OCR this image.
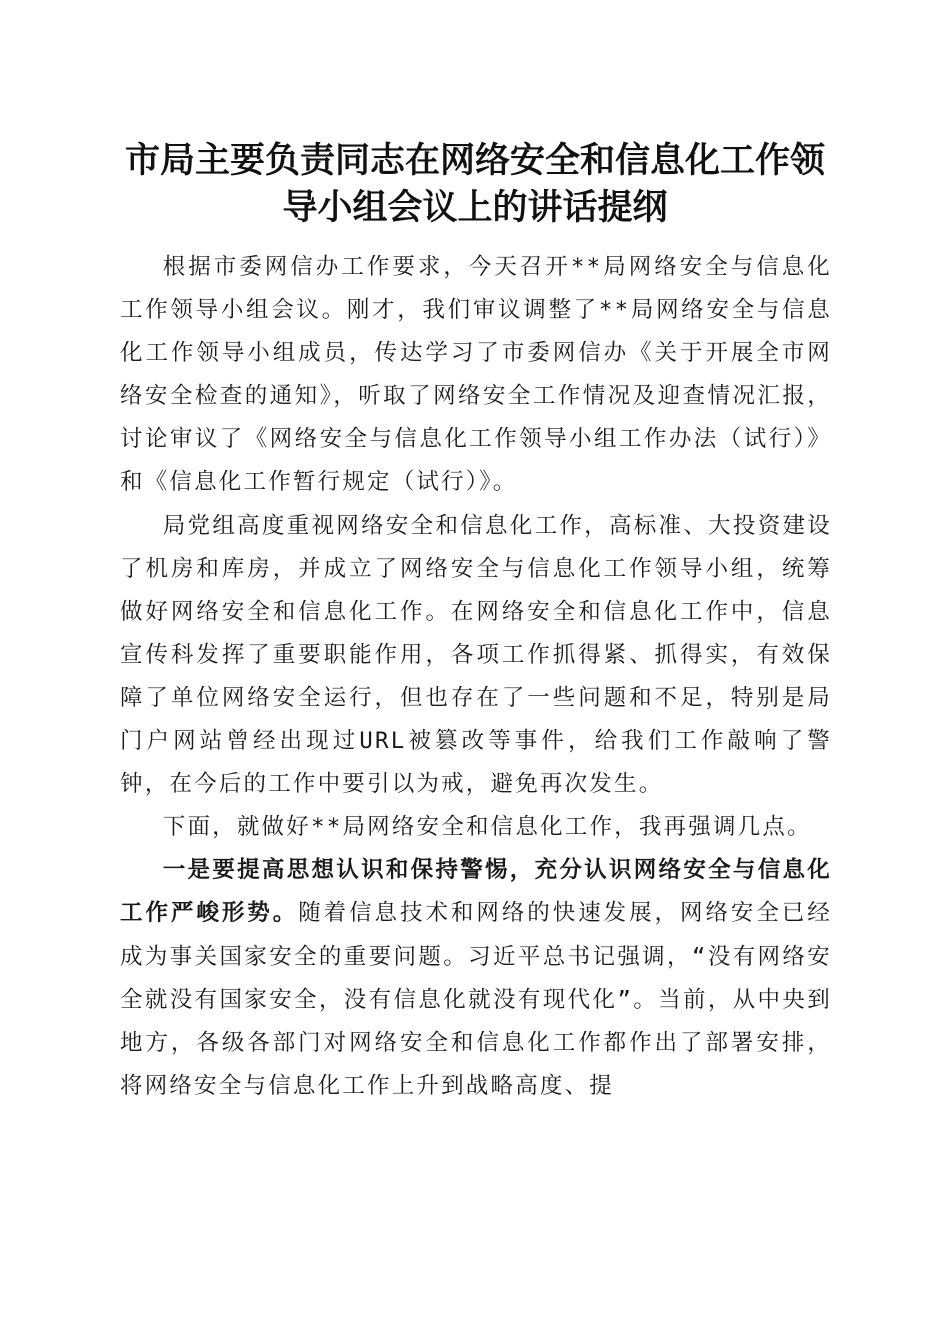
市局主要负责同志在网络安全和信息化工作领
导小组会议上的讲话提纲

根据市委网信办工作要求，今天召开**局网络安全与信息化工作领导小组会议。刚才，我们审议调整了**局网络安全与信息化工作领导小组成员，传达学习了市委网信办《关于开展全市网络安全检查的通知》，听取了网络安全工作情况及迎查情况汇报，讨论审议了《网络安全与信息化工作领导小组工作办法（试行）》和《信息化工作暂行规定（试行）》。

局党组高度重视网络安全和信息化工作，高标准、大投资建设了机房和库房，并成立了网络安全与信息化工作领导小组，统筹做好网络安全和信息化工作。在网络安全和信息化工作中，信息宣传科发挥了重要职能作用，各项工作抓得紧、抓得实，有效保障了单位网络安全运行，但也存在了一些问题和不足，特别是局门户网站曾经出现过URL被篡改等事件，给我们工作敲响了警钟，在今后的工作中要引以为戒，避免再次发生。

下面，就做好**局网络安全和信息化工作，我再强调几点。

一是要提高思想认识和保持警惕，充分认识网络安全与信息化工作严峻形势。随着信息技术和网络的快速发展，网络安全已经成为事关国家安全的重要问题。习近平总书记强调，“没有网络安全就没有国家安全，没有信息化就没有现代化”。当前，从中央到地方，各级各部门对网络安全和信息化工作都作出了部署安排，将网络安全与信息化工作上升到战略高度、提
